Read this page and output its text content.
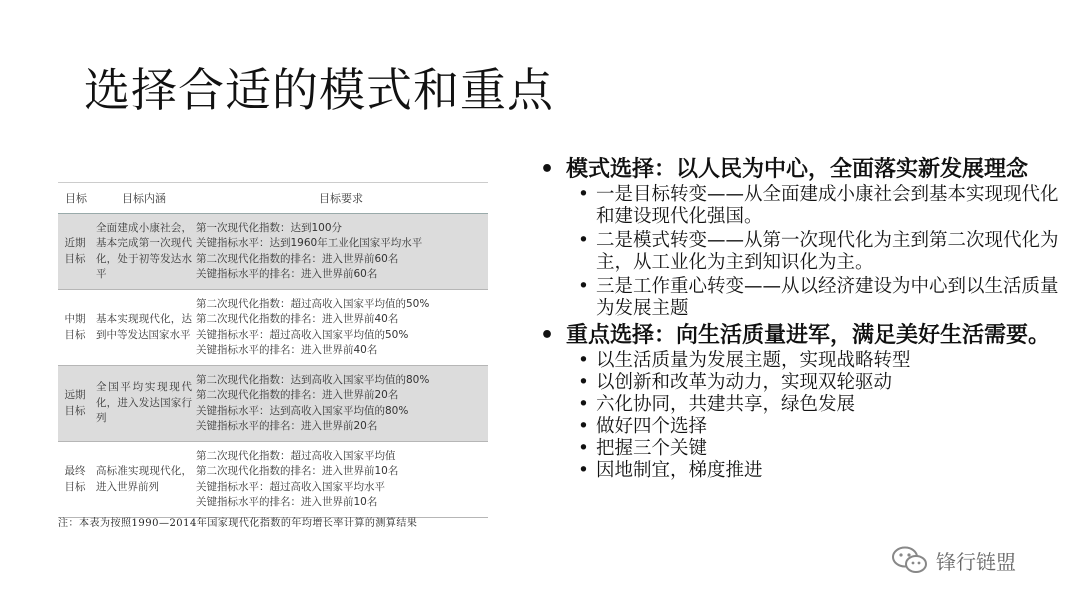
选择合适的模式和重点
目标	目标内涵	目标要求
近期
目标	全面建成小康社会，基本完成第一次现代化，处于初等发达水平	第一次现代化指数：达到100分
关键指标水平：达到1960年工业化国家平均水平
第二次现代化指数的排名：进入世界前60名
关键指标水平的排名：进入世界前60名
中期
目标	基本实现现代化，达到中等发达国家水平	第二次现代化指数：超过高收入国家平均值的50%
第二次现代化指数的排名：进入世界前40名
关键指标水平：超过高收入国家平均值的50%
关键指标水平的排名：进入世界前40名
远期
目标	全国平均实现现代化，进入发达国家行列	第二次现代化指数：达到高收入国家平均值的80%
第二次现代化指数的排名：进入世界前20名
关键指标水平：达到高收入国家平均值的80%
关键指标水平的排名：进入世界前20名
最终
目标	高标准实现现代化，进入世界前列	第二次现代化指数：超过高收入国家平均值
第二次现代化指数的排名：进入世界前10名
关键指标水平：超过高收入国家平均水平
关键指标水平的排名：进入世界前10名
注：本表为按照1990—2014年国家现代化指数的年均增长率计算的测算结果
• 模式选择：以人民为中心，全面落实新发展理念
• 一是目标转变——从全面建成小康社会到基本实现现代化和建设现代化强国。
• 二是模式转变——从第一次现代化为主到第二次现代化为主，从工业化为主到知识化为主。
• 三是工作重心转变——从以经济建设为中心到以生活质量为发展主题
• 重点选择：向生活质量进军，满足美好生活需要。
• 以生活质量为发展主题，实现战略转型
• 以创新和改革为动力，实现双轮驱动
• 六化协同，共建共享，绿色发展
• 做好四个选择
• 把握三个关键
• 因地制宜，梯度推进
锋行链盟
